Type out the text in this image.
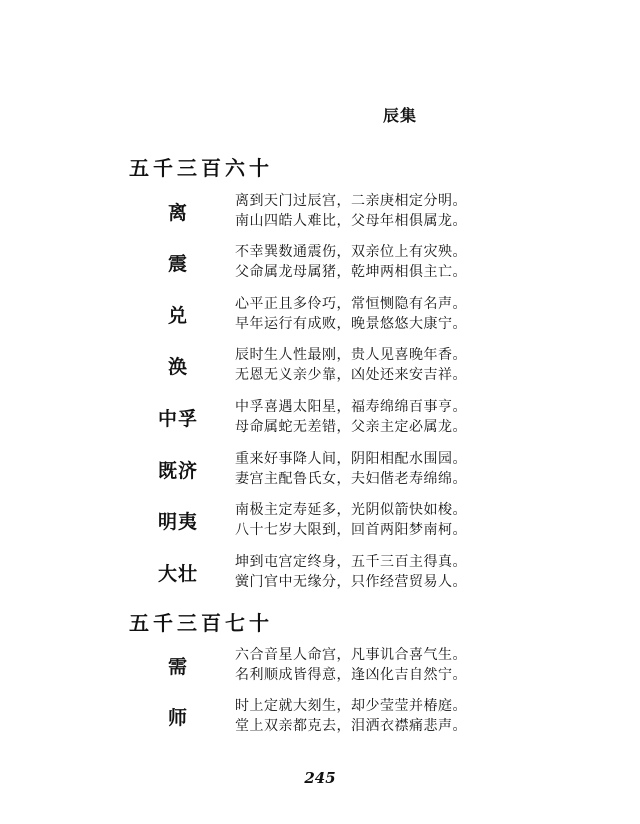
辰集
五千三百六十
离
离到天门过辰宫，二亲庚相定分明。
南山四皓人难比，父母年相俱属龙。
震
不幸巽数通震伤，双亲位上有灾殃。
父命属龙母属猪，乾坤两相俱主亡。
兑
心平正且多伶巧，常恒恻隐有名声。
早年运行有成败，晚景悠悠大康宁。
涣
辰时生人性最刚，贵人见喜晚年香。
无恩无义亲少靠，凶处还来安吉祥。
中孚
中孚喜遇太阳星，福寿绵绵百事亨。
母命属蛇无差错，父亲主定必属龙。
既济
重来好事降人间，阴阳相配水围园。
妻宫主配鲁氏女，夫妇偕老寿绵绵。
明夷
南极主定寿延多，光阴似箭快如梭。
八十七岁大限到，回首两阳梦南柯。
大壮
坤到屯宫定终身，五千三百主得真。
黉门官中无缘分，只作经营贸易人。
五千三百七十
需
六合音星人命宫，凡事讥合喜气生。
名利顺成皆得意，逢凶化吉自然宁。
师
时上定就大刻生，却少莹莹并椿庭。
堂上双亲都克去，泪洒衣襟痛悲声。
245
